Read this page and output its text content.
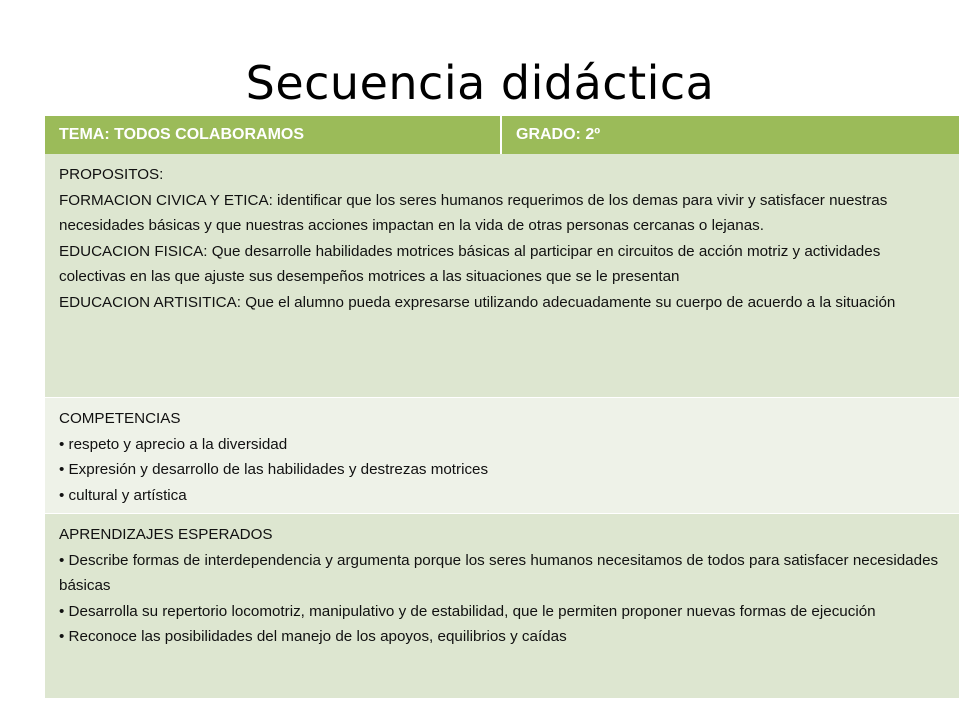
Secuencia didáctica
TEMA: TODOS COLABORAMOS	GRADO: 2º
PROPOSITOS:
FORMACION CIVICA Y ETICA: identificar que los seres humanos requerimos de los demas para vivir y satisfacer nuestras necesidades básicas y que nuestras acciones impactan en la vida de otras personas cercanas o lejanas.
EDUCACION FISICA: Que desarrolle habilidades motrices básicas al participar en circuitos de acción motriz y actividades colectivas en las que ajuste sus desempeños motrices a las situaciones que se le presentan
EDUCACION ARTISITICA: Que el alumno pueda expresarse utilizando adecuadamente su cuerpo de acuerdo a la situación
COMPETENCIAS
• respeto y aprecio a la diversidad
• Expresión y desarrollo de las habilidades y destrezas motrices
• cultural y artística
APRENDIZAJES ESPERADOS
• Describe formas de interdependencia y argumenta porque los seres humanos necesitamos de todos para satisfacer necesidades básicas
• Desarrolla su repertorio locomotriz, manipulativo y de estabilidad, que le permiten proponer nuevas formas de ejecución
• Reconoce las posibilidades del manejo de los apoyos, equilibrios y caídas
